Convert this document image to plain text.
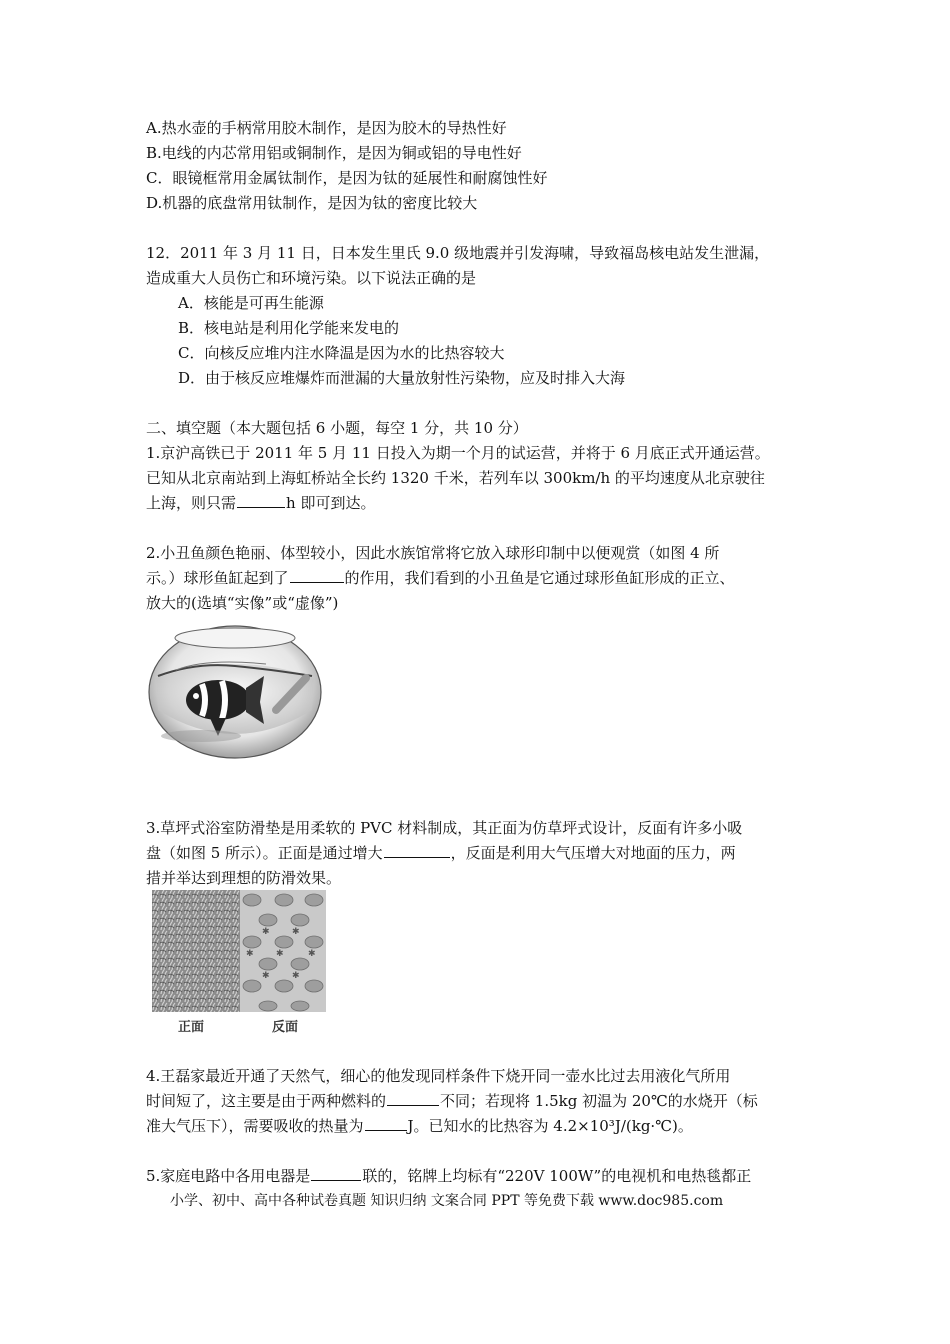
A.热水壶的手柄常用胶木制作，是因为胶木的导热性好
B.电线的内芯常用铝或铜制作，是因为铜或铝的导电性好
C．眼镜框常用金属钛制作，是因为钛的延展性和耐腐蚀性好
D.机器的底盘常用钛制作，是因为钛的密度比较大
12．2011 年 3 月 11 日，日本发生里氏 9.0 级地震并引发海啸，导致福岛核电站发生泄漏，
造成重大人员伤亡和环境污染。以下说法正确的是
A．核能是可再生能源
B．核电站是利用化学能来发电的
C．向核反应堆内注水降温是因为水的比热容较大
D．由于核反应堆爆炸而泄漏的大量放射性污染物，应及时排入大海
二、填空题（本大题包括 6 小题，每空 1 分，共 10 分）
1.京沪高铁已于 2011 年 5 月 11 日投入为期一个月的试运营，并将于 6 月底正式开通运营。
已知从北京南站到上海虹桥站全长约 1320 千米，若列车以 300km/h 的平均速度从北京驶往
上海，则只需	h 即可到达。
2.小丑鱼颜色艳丽、体型较小，因此水族馆常将它放入球形印制中以便观赏（如图 4 所
示。）球形鱼缸起到了	的作用，我们看到的小丑鱼是它通过球形鱼缸形成的正立、
放大的(选填“实像”或“虚像”)
3.草坪式浴室防滑垫是用柔软的 PVC 材料制成，其正面为仿草坪式设计，反面有许多小吸
盘（如图 5 所示）。正面是通过增大	，反面是利用大气压增大对地面的压力，两
措并举达到理想的防滑效果。
✱ ✱
✱ ✱
✱ ✱	✱
正面	反面
4.王磊家最近开通了天然气，细心的他发现同样条件下烧开同一壶水比过去用液化气所用
时间短了，这主要是由于两种燃料的	不同；若现将 1.5kg 初温为 20℃的水烧开（标
准大气压下），需要吸收的热量为	J。已知水的比热容为 4.2×10³J/(kg·℃)。
5.家庭电路中各用电器是	联的，铭牌上均标有“220V 100W”的电视机和电热毯都正
小学、初中、高中各种试卷真题 知识归纳 文案合同 PPT 等免费下载 www.doc985.com
